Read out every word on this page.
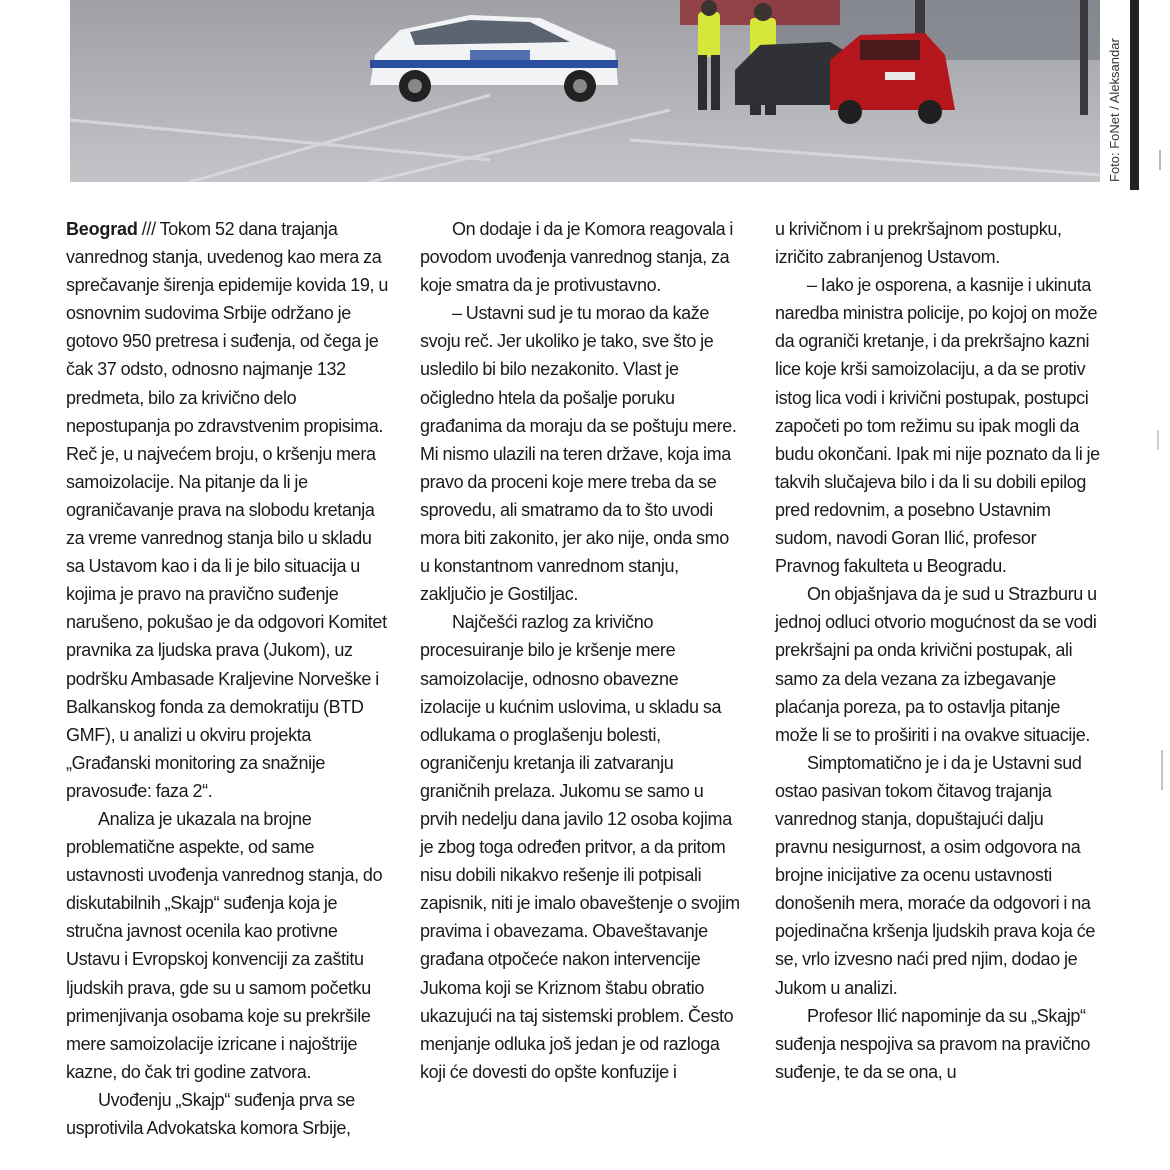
Foto: FoNet / Aleksandar

Beograd /// Tokom 52 dana trajanja vanrednog stanja, uvedenog kao mera za sprečavanje širenja epidemije kovida 19, u osnovnim sudovima Srbije održano je gotovo 950 pretresa i suđenja, od čega je čak 37 odsto, odnosno najmanje 132 predmeta, bilo za krivično delo nepostupanja po zdravstvenim propisima. Reč je, u najvećem broju, o kršenju mera samoizolacije. Na pitanje da li je ograničavanje prava na slobodu kretanja za vreme vanrednog stanja bilo u skladu sa Ustavom kao i da li je bilo situacija u kojima je pravo na pravično suđenje narušeno, pokušao je da odgovori Komitet pravnika za ljudska prava (Jukom), uz podršku Ambasade Kraljevine Norveške i Balkanskog fonda za demokratiju (BTD GMF), u analizi u okviru projekta „Građanski monitoring za snažnije pravosuđe: faza 2“.

Analiza je ukazala na brojne problematične aspekte, od same ustavnosti uvođenja vanrednog stanja, do diskutabilnih „Skajp“ suđenja koja je stručna javnost ocenila kao protivne Ustavu i Evropskoj konvenciji za zaštitu ljudskih prava, gde su u samom početku primenjivanja osobama koje su prekršile mere samoizolacije izricane i najoštrije kazne, do čak tri godine zatvora.

Uvođenju „Skajp“ suđenja prva se usprotivila Advokatska komora Srbije,

On dodaje i da je Komora reagovala i povodom uvođenja vanrednog stanja, za koje smatra da je protivustavno.

– Ustavni sud je tu morao da kaže svoju reč. Jer ukoliko je tako, sve što je usledilo bi bilo nezakonito. Vlast je očigledno htela da pošalje poruku građanima da moraju da se poštuju mere. Mi nismo ulazili na teren države, koja ima pravo da proceni koje mere treba da se sprovedu, ali smatramo da to što uvodi mora biti zakonito, jer ako nije, onda smo u konstantnom vanrednom stanju, zaključio je Gostiljac.

Najčešći razlog za krivično procesuiranje bilo je kršenje mere samoizolacije, odnosno obavezne izolacije u kućnim uslovima, u skladu sa odlukama o proglašenju bolesti, ograničenju kretanja ili zatvaranju graničnih prelaza. Jukomu se samo u prvih nedelju dana javilo 12 osoba kojima je zbog toga određen pritvor, a da pritom nisu dobili nikakvo rešenje ili potpisali zapisnik, niti je imalo obaveštenje o svojim pravima i obavezama. Obaveštavanje građana otpočeće nakon intervencije Jukoma koji se Kriznom štabu obratio ukazujući na taj sistemski problem. Često menjanje odluka još jedan je od razloga koji će dovesti do opšte konfuzije i

u krivičnom i u prekršajnom postupku, izričito zabranjenog Ustavom.

– Iako je osporena, a kasnije i ukinuta naredba ministra policije, po kojoj on može da ograniči kretanje, i da prekršajno kazni lice koje krši samoizolaciju, a da se protiv istog lica vodi i krivični postupak, postupci započeti po tom režimu su ipak mogli da budu okončani. Ipak mi nije poznato da li je takvih slučajeva bilo i da li su dobili epilog pred redovnim, a posebno Ustavnim sudom, navodi Goran Ilić, profesor Pravnog fakulteta u Beogradu.

On objašnjava da je sud u Strazburu u jednoj odluci otvorio mogućnost da se vodi prekršajni pa onda krivični postupak, ali samo za dela vezana za izbegavanje plaćanja poreza, pa to ostavlja pitanje može li se to proširiti i na ovakve situacije.

Simptomatično je i da je Ustavni sud ostao pasivan tokom čitavog trajanja vanrednog stanja, dopuštajući dalju pravnu nesigurnost, a osim odgovora na brojne inicijative za ocenu ustavnosti donošenih mera, moraće da odgovori i na pojedinačna kršenja ljudskih prava koja će se, vrlo izvesno naći pred njim, dodao je Jukom u analizi.

Profesor Ilić napominje da su „Skajp“ suđenja nespojiva sa pravom na pravično suđenje, te da se ona, u
